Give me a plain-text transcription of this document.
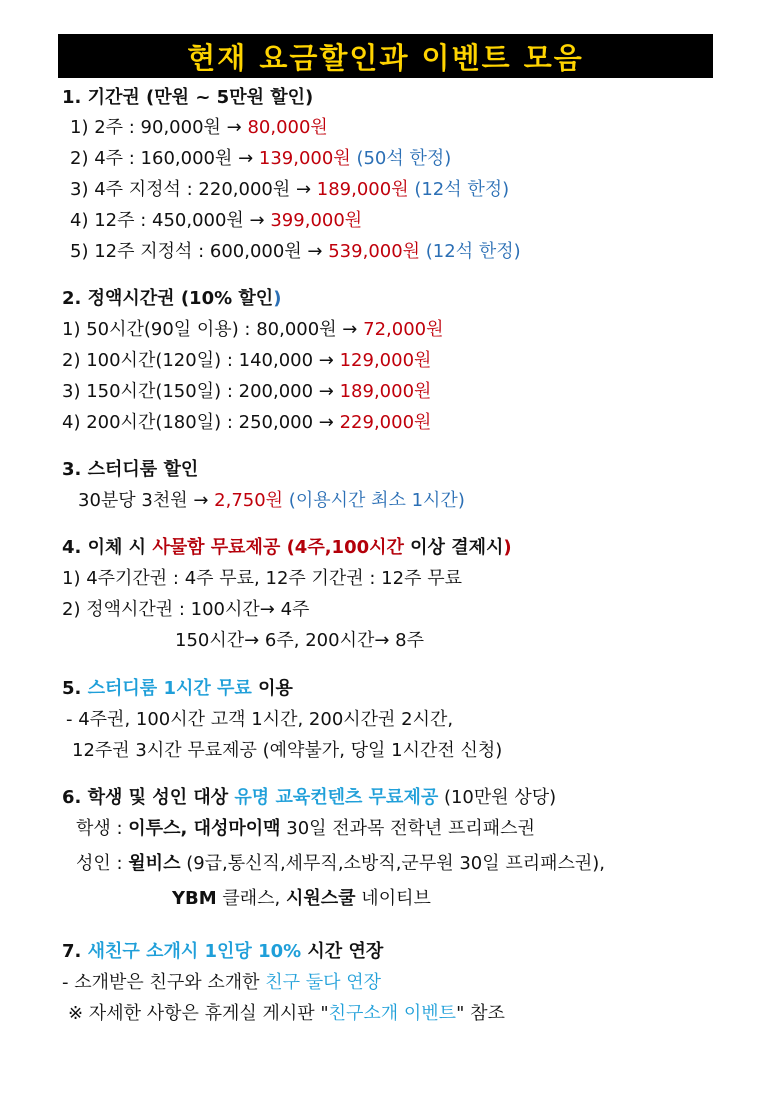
현재 요금할인과 이벤트 모음
1. 기간권 (만원 ~ 5만원 할인)
1) 2주 : 90,000원 → 80,000원
2) 4주 : 160,000원 → 139,000원 (50석 한정)
3) 4주 지정석 : 220,000원 → 189,000원 (12석 한정)
4) 12주 : 450,000원 → 399,000원
5) 12주 지정석 : 600,000원 → 539,000원 (12석 한정)
2. 정액시간권 (10% 할인)
1) 50시간(90일 이용) : 80,000원 → 72,000원
2) 100시간(120일) : 140,000 → 129,000원
3) 150시간(150일) : 200,000 → 189,000원
4) 200시간(180일) : 250,000 → 229,000원
3. 스터디룸 할인
30분당 3천원 → 2,750원 (이용시간 최소 1시간)
4. 이체 시 사물함 무료제공 (4주,100시간 이상 결제시)
1) 4주기간권 : 4주 무료, 12주 기간권 : 12주 무료
2) 정액시간권 : 100시간→ 4주
150시간→ 6주, 200시간→ 8주
5. 스터디룸 1시간 무료 이용
- 4주권, 100시간 고객 1시간, 200시간권 2시간,
12주권 3시간 무료제공 (예약불가, 당일 1시간전 신청)
6. 학생 및 성인 대상 유명 교육컨텐츠 무료제공 (10만원 상당)
학생 : 이투스, 대성마이맥 30일 전과목 전학년 프리패스권
성인 : 윌비스 (9급,통신직,세무직,소방직,군무원 30일 프리패스권),
YBM 클래스, 시원스쿨 네이티브
7. 새친구 소개시 1인당 10% 시간 연장
- 소개받은 친구와 소개한 친구 둘다 연장
※ 자세한 사항은 휴게실 게시판 "친구소개 이벤트" 참조
